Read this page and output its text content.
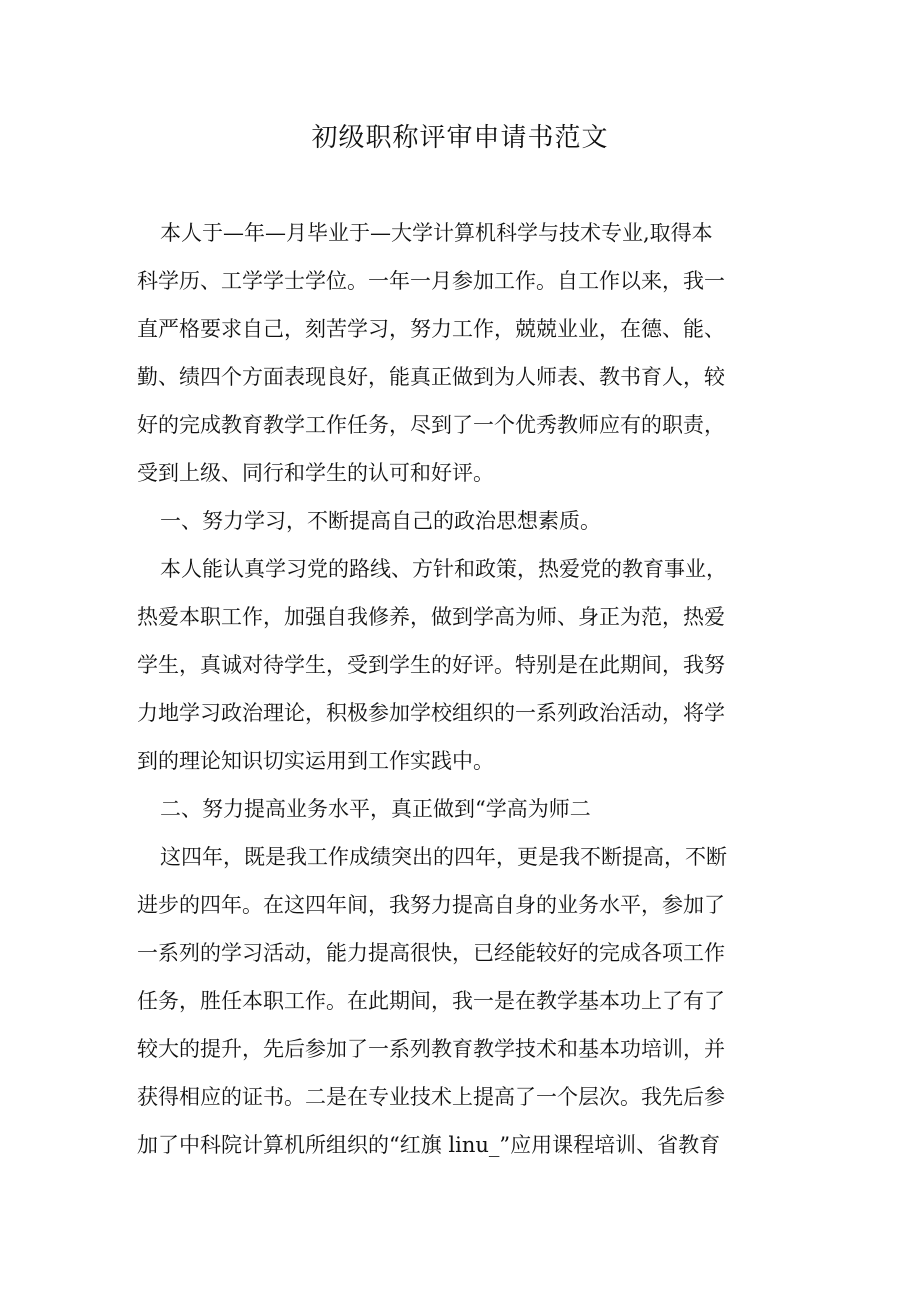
初级职称评审申请书范文
本人于—年—月毕业于—大学计算机科学与技术专业,取得本
科学历、工学学士学位。一年一月参加工作。自工作以来，我一
直严格要求自己，刻苦学习，努力工作，兢兢业业，在德、能、
勤、绩四个方面表现良好，能真正做到为人师表、教书育人，较
好的完成教育教学工作任务，尽到了一个优秀教师应有的职责，
受到上级、同行和学生的认可和好评。
一、努力学习，不断提高自己的政治思想素质。
本人能认真学习党的路线、方针和政策，热爱党的教育事业，
热爱本职工作，加强自我修养，做到学高为师、身正为范，热爱
学生，真诚对待学生，受到学生的好评。特别是在此期间，我努
力地学习政治理论，积极参加学校组织的一系列政治活动，将学
到的理论知识切实运用到工作实践中。
二、努力提高业务水平，真正做到“学高为师二
这四年，既是我工作成绩突出的四年，更是我不断提高，不断
进步的四年。在这四年间，我努力提高自身的业务水平，参加了
一系列的学习活动，能力提高很快，已经能较好的完成各项工作
任务，胜任本职工作。在此期间，我一是在教学基本功上了有了
较大的提升，先后参加了一系列教育教学技术和基本功培训，并
获得相应的证书。二是在专业技术上提高了一个层次。我先后参
加了中科院计算机所组织的“红旗 linu_”应用课程培训、省教育
